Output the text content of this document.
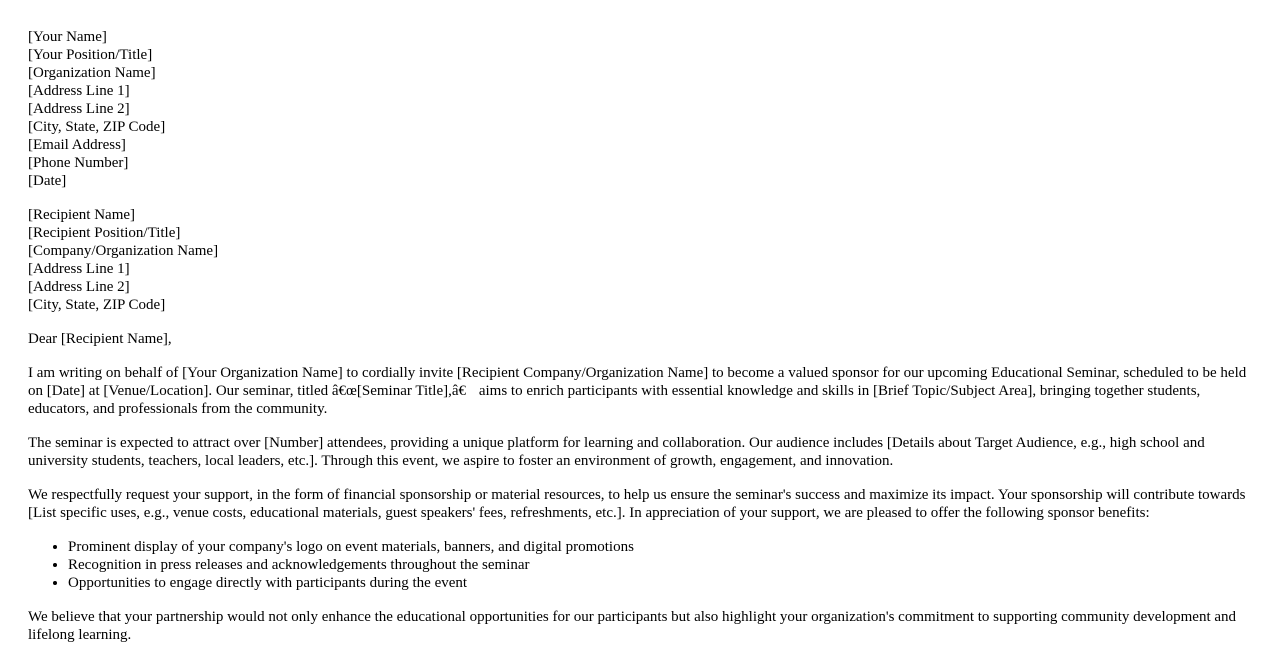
[Your Name]
[Your Position/Title]
[Organization Name]
[Address Line 1]
[Address Line 2]
[City, State, ZIP Code]
[Email Address]
[Phone Number]
[Date]
[Recipient Name]
[Recipient Position/Title]
[Company/Organization Name]
[Address Line 1]
[Address Line 2]
[City, State, ZIP Code]

Dear [Recipient Name],

I am writing on behalf of [Your Organization Name] to cordially invite [Recipient Company/Organization Name] to become a valued sponsor for our upcoming Educational Seminar, scheduled to be held on [Date] at [Venue/Location]. Our seminar, titled â€œ[Seminar Title],â€ aims to enrich participants with essential knowledge and skills in [Brief Topic/Subject Area], bringing together students, educators, and professionals from the community.

The seminar is expected to attract over [Number] attendees, providing a unique platform for learning and collaboration. Our audience includes [Details about Target Audience, e.g., high school and university students, teachers, local leaders, etc.]. Through this event, we aspire to foster an environment of growth, engagement, and innovation.

We respectfully request your support, in the form of financial sponsorship or material resources, to help us ensure the seminar's success and maximize its impact. Your sponsorship will contribute towards [List specific uses, e.g., venue costs, educational materials, guest speakers' fees, refreshments, etc.]. In appreciation of your support, we are pleased to offer the following sponsor benefits:

• Prominent display of your company's logo on event materials, banners, and digital promotions
• Recognition in press releases and acknowledgements throughout the seminar
• Opportunities to engage directly with participants during the event

We believe that your partnership would not only enhance the educational opportunities for our participants but also highlight your organization's commitment to supporting community development and lifelong learning.
